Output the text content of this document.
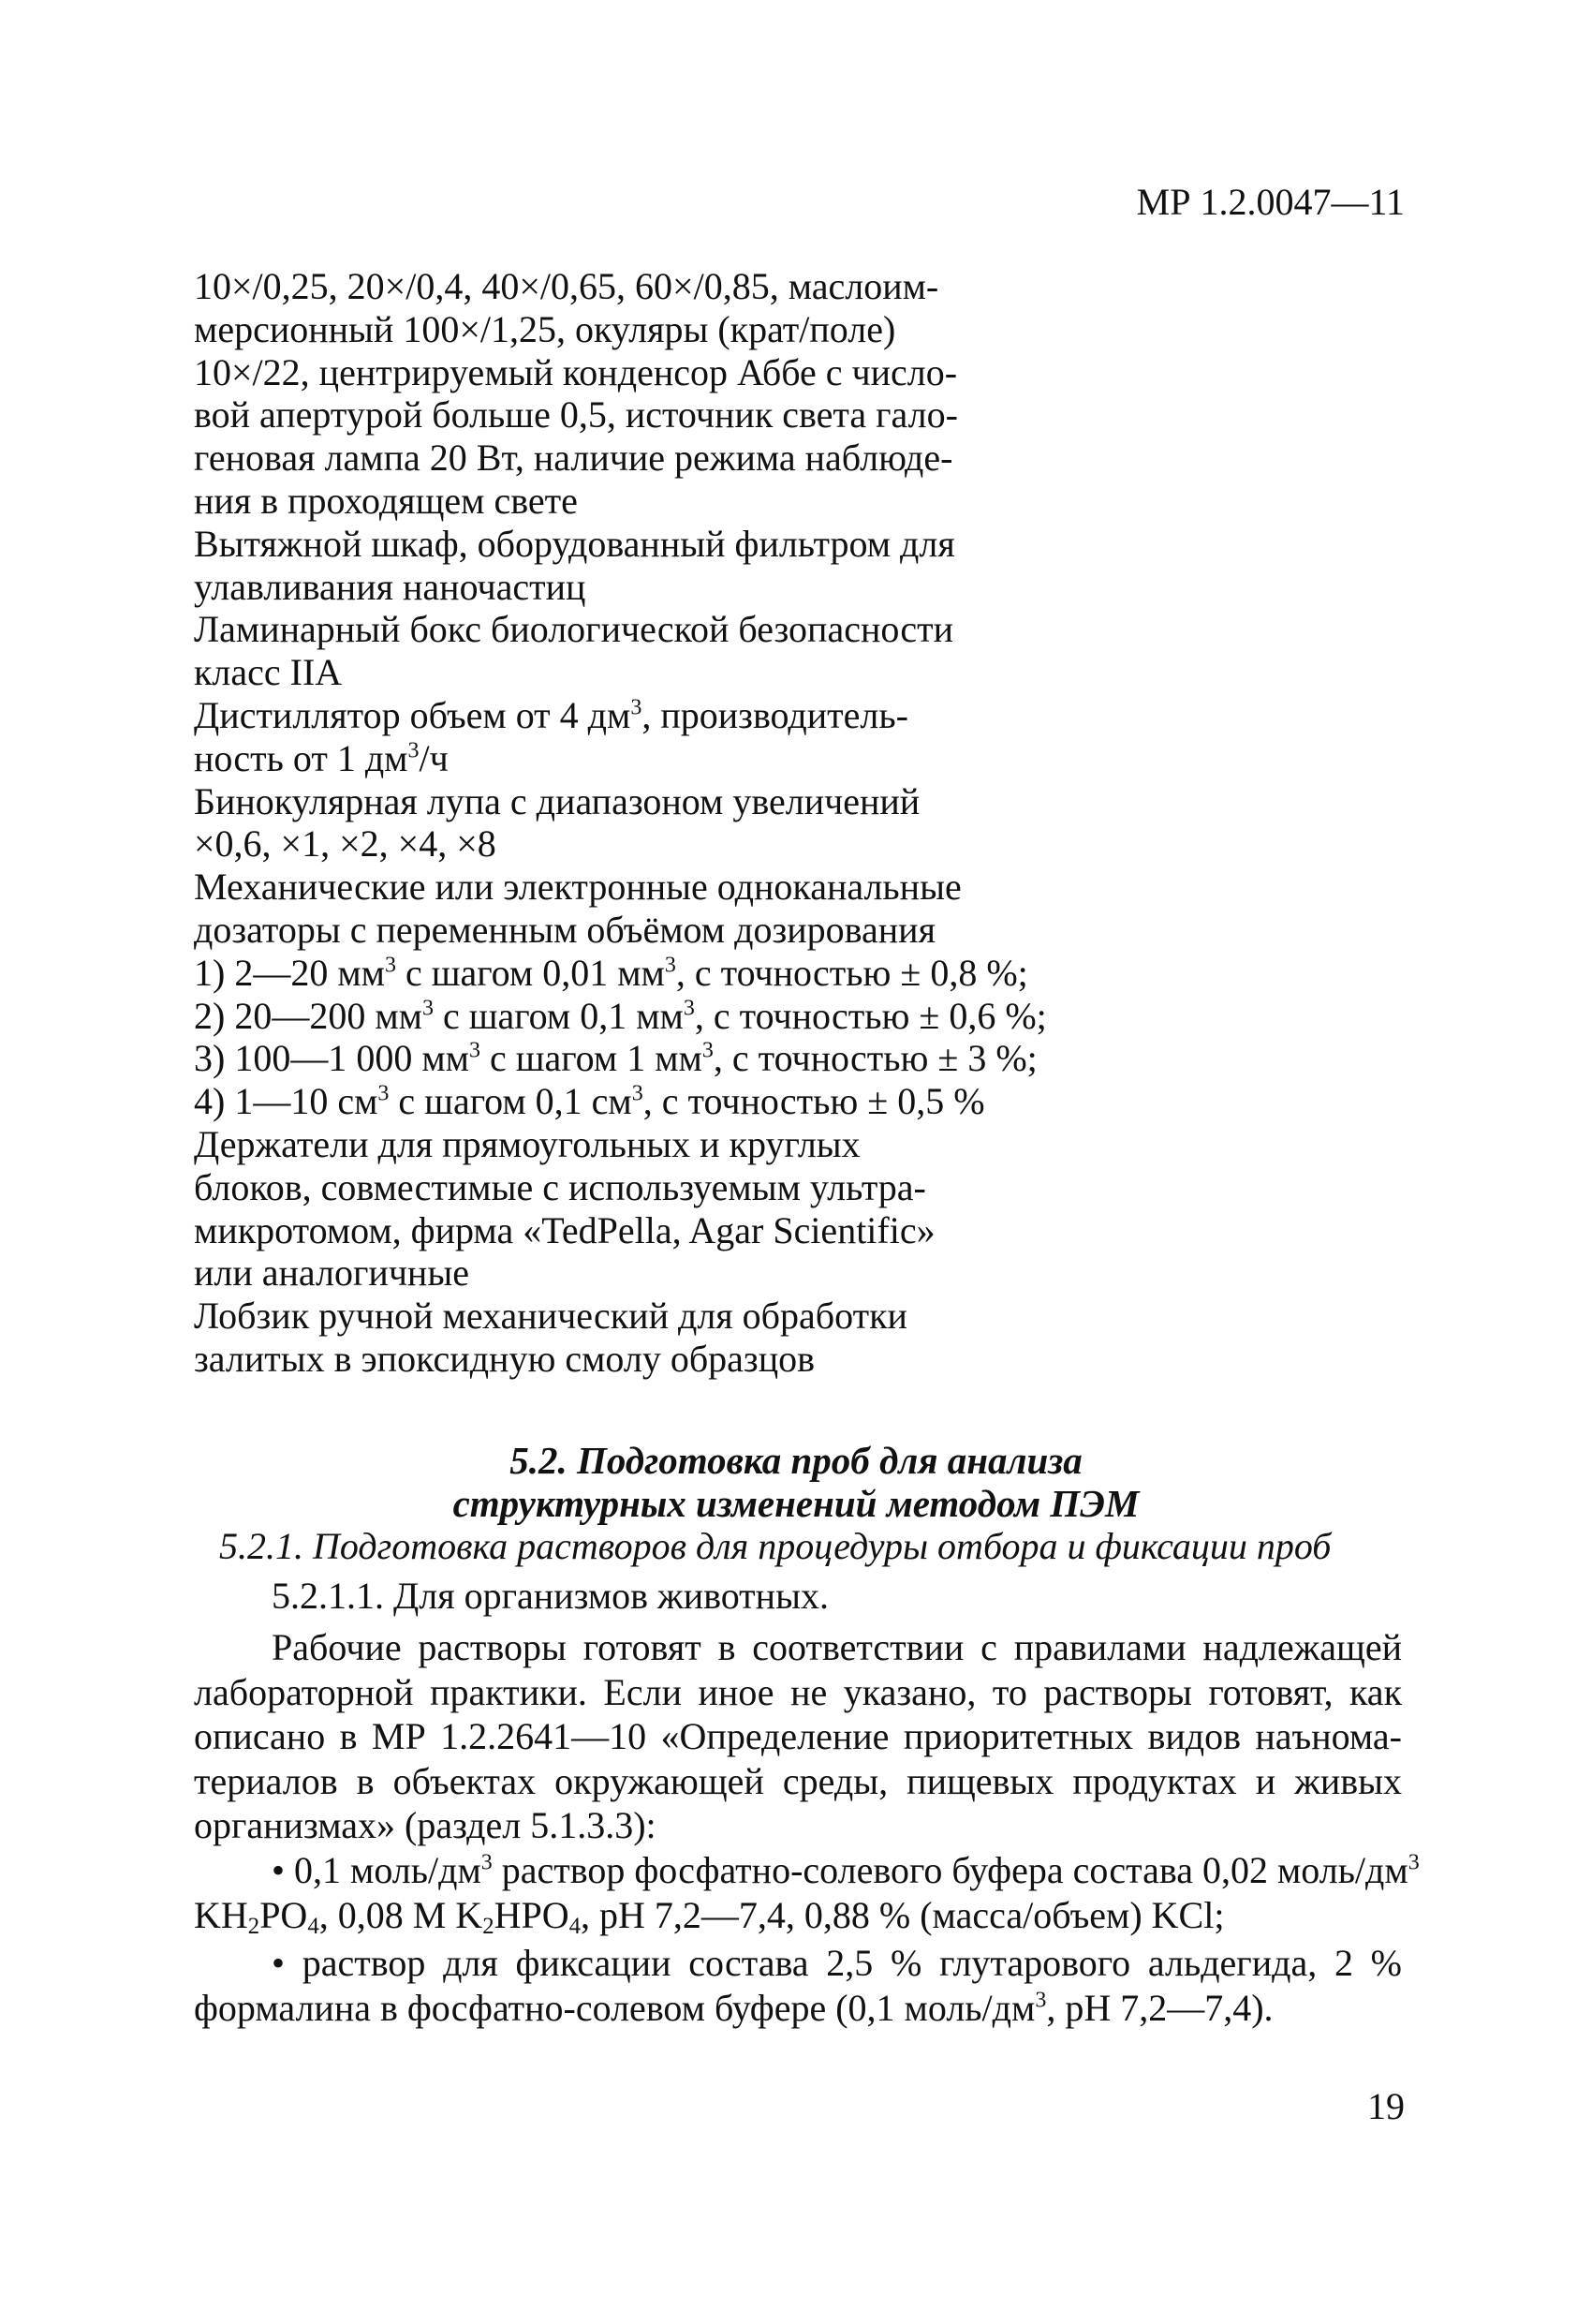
МР 1.2.0047—11
10×/0,25, 20×/0,4, 40×/0,65, 60×/0,85, маслоим-
мерсионный 100×/1,25, окуляры (крат/поле)
10×/22, центрируемый конденсор Аббе с число-
вой апертурой больше 0,5, источник света гало-
геновая лампа 20 Вт, наличие режима наблюде-
ния в проходящем свете
Вытяжной шкаф, оборудованный фильтром для
улавливания наночастиц
Ламинарный бокс биологической безопасности
класс IIA
Дистиллятор объем от 4 $дм^3$, производитель-
ность от 1 $дм^3/ч$
Бинокулярная лупа с диапазоном увеличений
×0,6, ×1, ×2, ×4, ×8
Механические или электронные одноканальные
дозаторы с переменным объёмом дозирования
1) 2—20 $мм^3$ с шагом 0,01 $мм^3$, с точностью ± 0,8 %;
2) 20—200 $мм^3$ с шагом 0,1 $мм^3$, с точностью ± 0,6 %;
3) 100—1 000 $мм^3$ с шагом 1 $мм^3$, с точностью ± 3 %;
4) 1—10 $см^3$ с шагом 0,1 $см^3$, с точностью ± 0,5 %
Держатели для прямоугольных и круглых
блоков, совместимые с используемым ультра-
микротомом, фирма «TedPella, Agar Scientific»
или аналогичные
Лобзик ручной механический для обработки
залитых в эпоксидную смолу образцов
5.2. Подготовка проб для анализа
структурных изменений методом ПЭМ
5.2.1. Подготовка растворов для процедуры отбора и фиксации проб
5.2.1.1. Для организмов животных.
Рабочие растворы готовят в соответствии с правилами надлежащей
лабораторной практики. Если иное не указано, то растворы готовят, как
описано в МР 1.2.2641—10 «Определение приоритетных видов наънома-
териалов в объектах окружающей среды, пищевых продуктах и живых
организмах» (раздел 5.1.3.3):
• 0,1 моль/$дм^3$ раствор фосфатно-солевого буфера состава 0,02 моль/$дм^3$
$KH_2PO_4$, 0,08 M $K_2HPO_4$, pH 7,2—7,4, 0,88 % (масса/объем) KCl;
• раствор для фиксации состава 2,5 % глутарового альдегида, 2 %
формалина в фосфатно-солевом буфере (0,1 моль/$дм^3$, pH 7,2—7,4).
19
